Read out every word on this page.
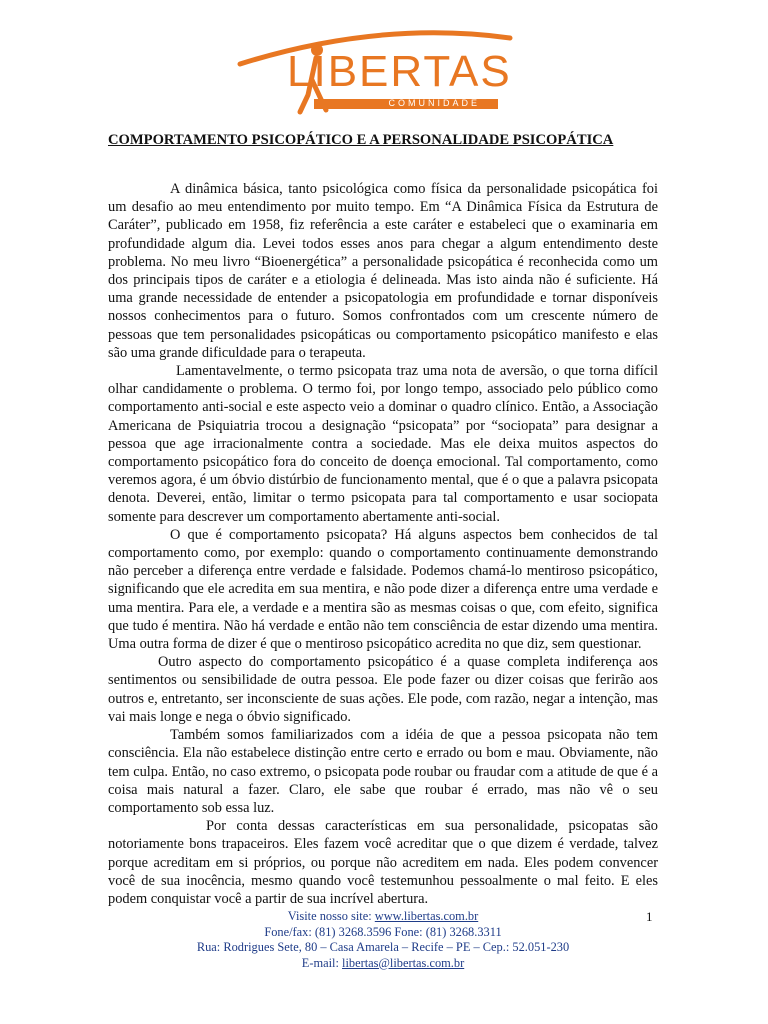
LIBERTAS
COMUNIDADE
COMPORTAMENTO PSICOPÁTICO E A PERSONALIDADE PSICOPÁTICA

A dinâmica básica, tanto psicológica como física da personalidade psicopática foi um desafio ao meu entendimento por muito tempo. Em “A Dinâmica Física da Estrutura de Caráter”, publicado em 1958, fiz referência a este caráter e estabeleci que o examinaria em profundidade algum dia. Levei todos esses anos para chegar a algum entendimento deste problema. No meu livro “Bioenergética” a personalidade psicopática é reconhecida como um dos principais tipos de caráter e a etiologia é delineada. Mas isto ainda não é suficiente. Há uma grande necessidade de entender a psicopatologia em profundidade e tornar disponíveis nossos conhecimentos para o futuro. Somos confrontados com um crescente número de pessoas que tem personalidades psicopáticas ou comportamento psicopático manifesto e elas são uma grande dificuldade para o terapeuta.

Lamentavelmente, o termo psicopata traz uma nota de aversão, o que torna difícil olhar candidamente o problema. O termo foi, por longo tempo, associado pelo público como comportamento anti-social e este aspecto veio a dominar o quadro clínico. Então, a Associação Americana de Psiquiatria trocou a designação “psicopata” por “sociopata” para designar a pessoa que age irracionalmente contra a sociedade. Mas ele deixa muitos aspectos do comportamento psicopático fora do conceito de doença emocional. Tal comportamento, como veremos agora, é um óbvio distúrbio de funcionamento mental, que é o que a palavra psicopata denota. Deverei, então, limitar o termo psicopata para tal comportamento e usar sociopata somente para descrever um comportamento abertamente anti-social.

O que é comportamento psicopata? Há alguns aspectos bem conhecidos de tal comportamento como, por exemplo: quando o comportamento continuamente demonstrando não perceber a diferença entre verdade e falsidade. Podemos chamá-lo mentiroso psicopático, significando que ele acredita em sua mentira, e não pode dizer a diferença entre uma verdade e uma mentira. Para ele, a verdade e a mentira são as mesmas coisas o que, com efeito, significa que tudo é mentira. Não há verdade e então não tem consciência de estar dizendo uma mentira. Uma outra forma de dizer é que o mentiroso psicopático acredita no que diz, sem questionar.

Outro aspecto do comportamento psicopático é a quase completa indiferença aos sentimentos ou sensibilidade de outra pessoa. Ele pode fazer ou dizer coisas que ferirão aos outros e, entretanto, ser inconsciente de suas ações. Ele pode, com razão, negar a intenção, mas vai mais longe e nega o óbvio significado.

Também somos familiarizados com a idéia de que a pessoa psicopata não tem consciência. Ela não estabelece distinção entre certo e errado ou bom e mau. Obviamente, não tem culpa. Então, no caso extremo, o psicopata pode roubar ou fraudar com a atitude de que é a coisa mais natural a fazer. Claro, ele sabe que roubar é errado, mas não vê o seu comportamento sob essa luz.

Por conta dessas características em sua personalidade, psicopatas são notoriamente bons trapaceiros. Eles fazem você acreditar que o que dizem é verdade, talvez porque acreditam em si próprios, ou porque não acreditem em nada. Eles podem convencer você de sua inocência, mesmo quando você testemunhou pessoalmente o mal feito. E eles podem conquistar você a partir de sua incrível abertura.

Visite nosso site: www.libertas.com.br
Fone/fax: (81) 3268.3596 Fone: (81) 3268.3311
Rua: Rodrigues Sete, 80 – Casa Amarela – Recife – PE – Cep.: 52.051-230
E-mail: libertas@libertas.com.br
1
